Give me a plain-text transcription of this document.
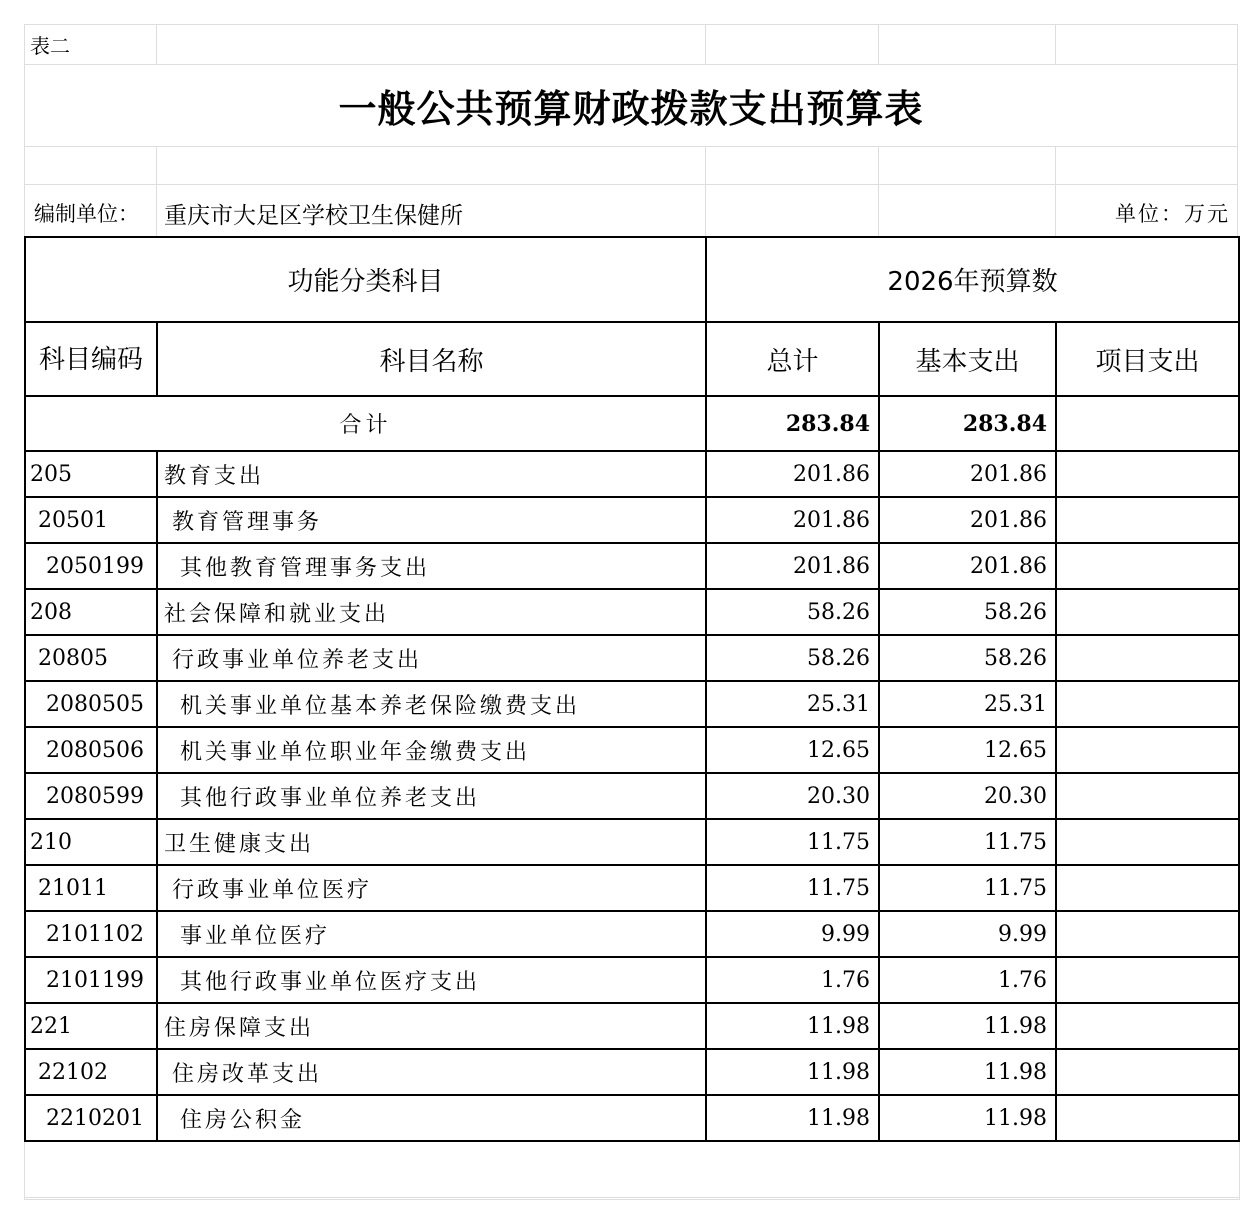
表二
一般公共预算财政拨款支出预算表
编制单位： 重庆市大足区学校卫生保健所	单位：万元
功能分类科目		2026年预算数		
科目编码	科目名称	总计	基本支出	项目支出
合计		283.84	283.84	
205	教育支出	201.86	201.86	
20501	教育管理事务	201.86	201.86	
2050199	其他教育管理事务支出	201.86	201.86	
208	社会保障和就业支出	58.26	58.26	
20805	行政事业单位养老支出	58.26	58.26	
2080505	机关事业单位基本养老保险缴费支出	25.31	25.31	
2080506	机关事业单位职业年金缴费支出	12.65	12.65	
2080599	其他行政事业单位养老支出	20.30	20.30	
210	卫生健康支出	11.75	11.75	
21011	行政事业单位医疗	11.75	11.75	
2101102	事业单位医疗	9.99	9.99	
2101199	其他行政事业单位医疗支出	1.76	1.76	
221	住房保障支出	11.98	11.98	
22102	住房改革支出	11.98	11.98	
2210201	住房公积金	11.98	11.98	
